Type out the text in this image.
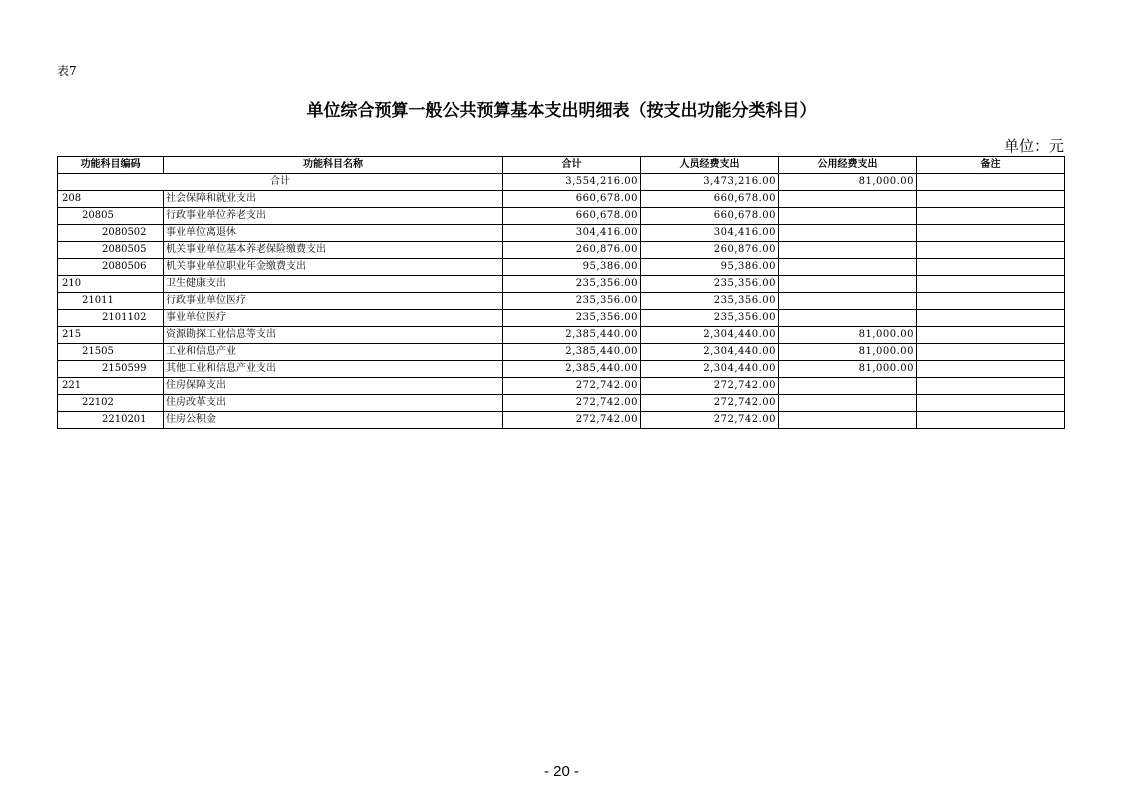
表7
单位综合预算一般公共预算基本支出明细表（按支出功能分类科目）
单位：元
功能科目编码	功能科目名称	合计	人员经费支出	公用经费支出	备注
合计		3,554,216.00	3,473,216.00	81,000.00	
208	社会保障和就业支出	660,678.00	660,678.00		
20805	行政事业单位养老支出	660,678.00	660,678.00		
2080502	事业单位离退休	304,416.00	304,416.00		
2080505	机关事业单位基本养老保险缴费支出	260,876.00	260,876.00		
2080506	机关事业单位职业年金缴费支出	95,386.00	95,386.00		
210	卫生健康支出	235,356.00	235,356.00		
21011	行政事业单位医疗	235,356.00	235,356.00		
2101102	事业单位医疗	235,356.00	235,356.00		
215	资源勘探工业信息等支出	2,385,440.00	2,304,440.00	81,000.00	
21505	工业和信息产业	2,385,440.00	2,304,440.00	81,000.00	
2150599	其他工业和信息产业支出	2,385,440.00	2,304,440.00	81,000.00	
221	住房保障支出	272,742.00	272,742.00		
22102	住房改革支出	272,742.00	272,742.00		
2210201	住房公积金	272,742.00	272,742.00		
- 20 -
